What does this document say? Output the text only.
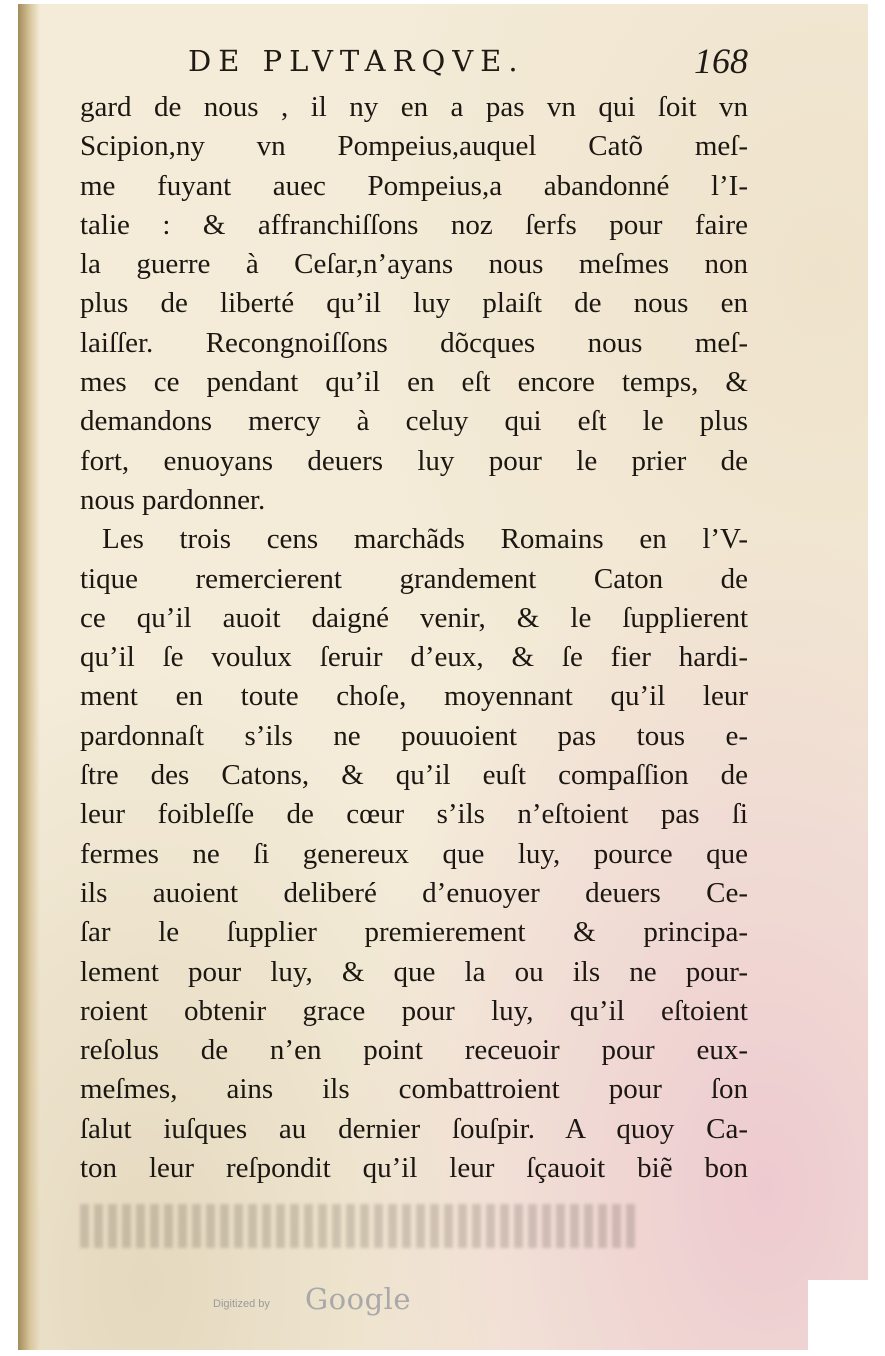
DE PLVTARQVE.	168
gard de nous , il ny en a pas vn qui ſoit vn
Scipion,ny vn Pompeius,auquel Catõ meſ-
me fuyant auec Pompeius,a abandonné l’I-
talie : & affranchiſſons noz ſerfs pour faire
la guerre à Ceſar,n’ayans nous meſmes non
plus de liberté qu’il luy plaiſt de nous en
laiſſer. Recongnoiſſons dõcques nous meſ-
mes ce pendant qu’il en eſt encore temps, &
demandons mercy à celuy qui eſt le plus
fort, enuoyans deuers luy pour le prier de
nous pardonner.
Les trois cens marchãds Romains en l’V-
tique remercierent grandement Caton de
ce qu’il auoit daigné venir, & le ſupplierent
qu’il ſe voulux ſeruir d’eux, & ſe fier hardi-
ment en toute choſe, moyennant qu’il leur
pardonnaſt s’ils ne pouuoient pas tous e-
ſtre des Catons, & qu’il euſt compaſſion de
leur foibleſſe de cœur s’ils n’eſtoient pas ſi
fermes ne ſi genereux que luy, pource que
ils auoient deliberé d’enuoyer deuers Ce-
ſar le ſupplier premierement & principa-
lement pour luy, & que la ou ils ne pour-
roient obtenir grace pour luy, qu’il eſtoient
reſolus de n’en point receuoir pour eux-
meſmes, ains ils combattroient pour ſon
ſalut iuſques au dernier ſouſpir. A quoy Ca-
ton leur reſpondit qu’il leur ſçauoit biẽ bon
Digitized by Google
